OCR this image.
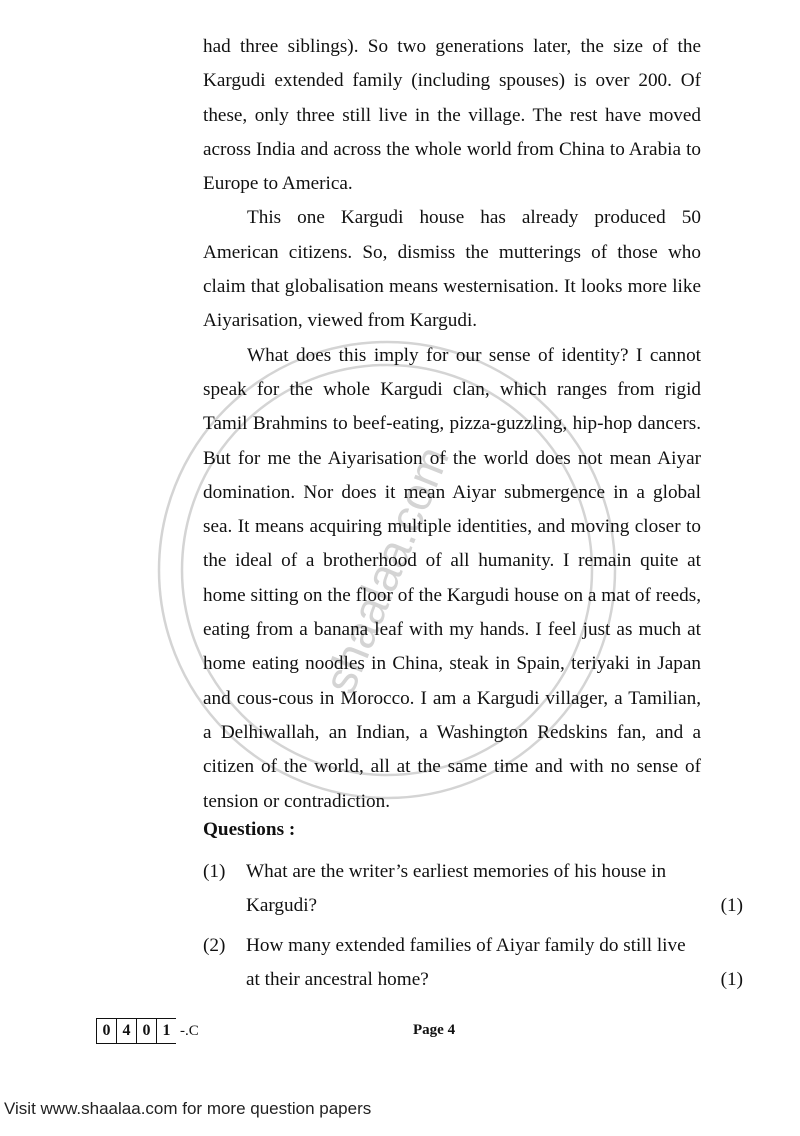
shaalaa.com

had three siblings). So two generations later, the size of the Kargudi extended family (including spouses) is over 200. Of these, only three still live in the village. The rest have moved across India and across the whole world from China to Arabia to Europe to America.

This one Kargudi house has already produced 50 American citizens. So, dismiss the mutterings of those who claim that globalisation means westernisation. It looks more like Aiyarisation, viewed from Kargudi.

What does this imply for our sense of identity? I cannot speak for the whole Kargudi clan, which ranges from rigid Tamil Brahmins to beef-eating, pizza-guzzling, hip-hop dancers. But for me the Aiyarisation of the world does not mean Aiyar domination. Nor does it mean Aiyar submergence in a global sea. It means acquiring multiple identities, and moving closer to the ideal of a brotherhood of all humanity. I remain quite at home sitting on the floor of the Kargudi house on a mat of reeds, eating from a banana leaf with my hands. I feel just as much at home eating noodles in China, steak in Spain, teriyaki in Japan and cous-cous in Morocco. I am a Kargudi villager, a Tamilian, a Delhiwallah, an Indian, a Washington Redskins fan, and a citizen of the world, all at the same time and with no sense of tension or contradiction.

Questions :
(1) What are the writer’s earliest memories of his house in Kargudi?	(1)
(2) How many extended families of Aiyar family do still live at their ancestral home?	(1)
0 4 0 1 -.C	Page 4
Visit www.shaalaa.com for more question papers
